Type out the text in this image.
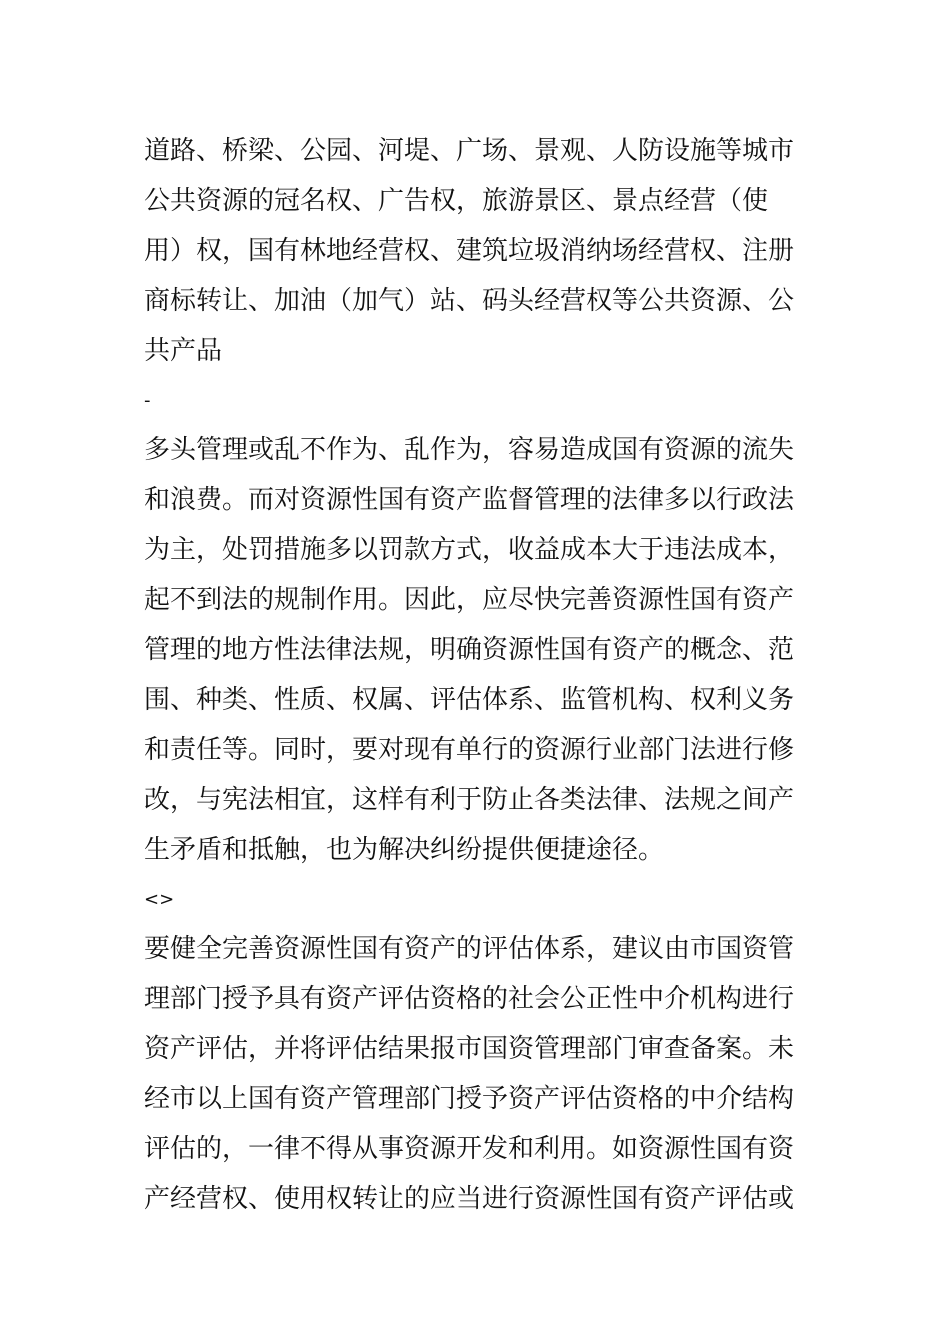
道路、桥梁、公园、河堤、广场、景观、人防设施等城市
公共资源的冠名权、广告权，旅游景区、景点经营（使
用）权，国有林地经营权、建筑垃圾消纳场经营权、注册
商标转让、加油（加气）站、码头经营权等公共资源、公
共产品
-
多头管理或乱不作为、乱作为，容易造成国有资源的流失
和浪费。而对资源性国有资产监督管理的法律多以行政法
为主，处罚措施多以罚款方式，收益成本大于违法成本，
起不到法的规制作用。因此，应尽快完善资源性国有资产
管理的地方性法律法规，明确资源性国有资产的概念、范
围、种类、性质、权属、评估体系、监管机构、权利义务
和责任等。同时，要对现有单行的资源行业部门法进行修
改，与宪法相宜，这样有利于防止各类法律、法规之间产
生矛盾和抵触，也为解决纠纷提供便捷途径。
<>
要健全完善资源性国有资产的评估体系，建议由市国资管
理部门授予具有资产评估资格的社会公正性中介机构进行
资产评估，并将评估结果报市国资管理部门审查备案。未
经市以上国有资产管理部门授予资产评估资格的中介结构
评估的，一律不得从事资源开发和利用。如资源性国有资
产经营权、使用权转让的应当进行资源性国有资产评估或
